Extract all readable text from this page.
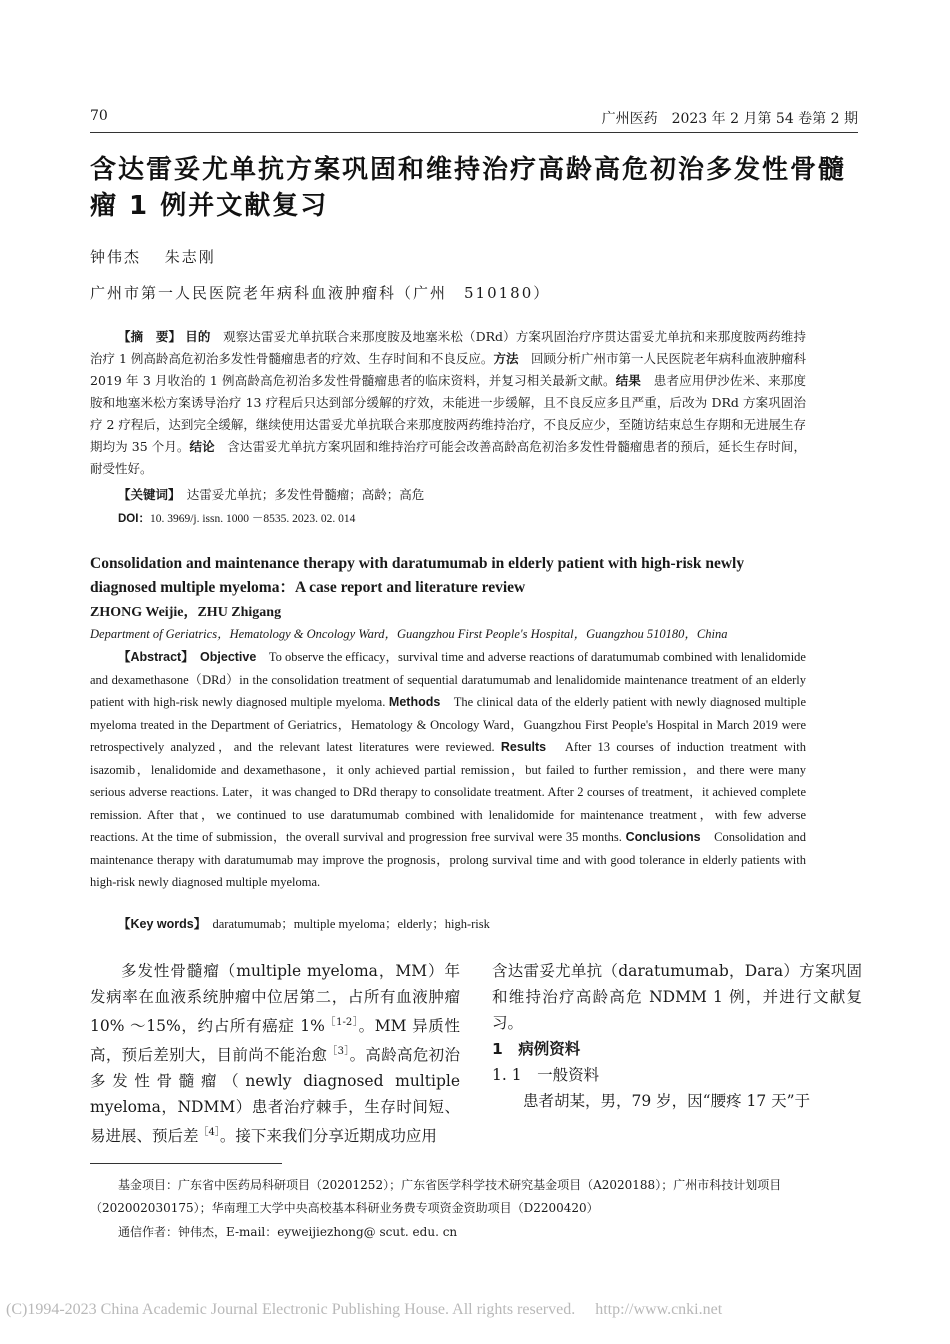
70	广州医药　2023 年 2 月第 54 卷第 2 期
含达雷妥尤单抗方案巩固和维持治疗高龄高危初治多发性骨髓瘤 1 例并文献复习
钟伟杰　 朱志刚
广州市第一人民医院老年病科血液肿瘤科（广州　510180）
【摘　要】 目的　 观察达雷妥尤单抗联合来那度胺及地塞米松（DRd）方案巩固治疗序贯达雷妥尤单抗和来那度胺两药维持治疗 1 例高龄高危初治多发性骨髓瘤患者的疗效、生存时间和不良反应。方法　 回顾分析广州市第一人民医院老年病科血液肿瘤科 2019 年 3 月收治的 1 例高龄高危初治多发性骨髓瘤患者的临床资料，并复习相关最新文献。结果　 患者应用伊沙佐米、来那度胺和地塞米松方案诱导治疗 13 疗程后只达到部分缓解的疗效，未能进一步缓解，且不良反应多且严重，后改为 DRd 方案巩固治疗 2 疗程后，达到完全缓解，继续使用达雷妥尤单抗联合来那度胺两药维持治疗，不良反应少，至随访结束总生存期和无进展生存期均为 35 个月。结论　 含达雷妥尤单抗方案巩固和维持治疗可能会改善高龄高危初治多发性骨髓瘤患者的预后，延长生存时间，耐受性好。
【关键词】　 达雷妥尤单抗；多发性骨髓瘤；高龄；高危
DOI：10. 3969/j. issn. 1000 －8535. 2023. 02. 014
Consolidation and maintenance therapy with daratumumab in elderly patient with high-risk newly diagnosed multiple myeloma：A case report and literature review
ZHONG Weijie，ZHU Zhigang
Department of Geriatrics，Hematology & Oncology Ward，Guangzhou First People's Hospital，Guangzhou 510180，China
【Abstract】　 Objective　 To observe the efficacy，survival time and adverse reactions of daratumumab combined with lenalidomide and dexamethasone（DRd）in the consolidation treatment of sequential daratumumab and lenalidomide maintenance treatment of an elderly patient with high-risk newly diagnosed multiple myeloma. Methods　 The clinical data of the elderly patient with newly diagnosed multiple myeloma treated in the Department of Geriatrics，Hematology & Oncology Ward，Guangzhou First People's Hospital in March 2019 were retrospectively analyzed，and the relevant latest literatures were reviewed. Results　 After 13 courses of induction treatment with isazomib，lenalidomide and dexamethasone，it only achieved partial remission，but failed to further remission，and there were many serious adverse reactions. Later，it was changed to DRd therapy to consolidate treatment. After 2 courses of treatment，it achieved complete remission. After that，we continued to use daratumumab combined with lenalidomide for maintenance treatment，with few adverse reactions. At the time of submission，the overall survival and progression free survival were 35 months. Conclusions　 Consolidation and maintenance therapy with daratumumab may improve the prognosis，prolong survival time and with good tolerance in elderly patients with high-risk newly diagnosed multiple myeloma.
【Key words】　 daratumumab；multiple myeloma；elderly；high-risk

多发性骨髓瘤（multiple myeloma，MM）年发病率在血液系统肿瘤中位居第二，占所有血液肿瘤 10% ～15%，约占所有癌症 1%$^{[1-2]}$。MM 异质性高，预后差别大，目前尚不能治愈$^{[3]}$。高龄高危初治多发性骨髓瘤（newly diagnosed multiple myeloma，NDMM）患者治疗棘手，生存时间短、易进展、预后差$^{[4]}$。接下来我们分享近期成功应用

含达雷妥尤单抗（daratumumab，Dara）方案巩固和维持治疗高龄高危 NDMM 1 例，并进行文献复习。

1　病例资料

1. 1　一般资料

患者胡某，男，79 岁，因“腰疼 17 天”于

基金项目：广东省中医药局科研项目（20201252）；广东省医学科学技术研究基金项目（A2020188）；广州市科技计划项目（202002030175）；华南理工大学中央高校基本科研业务费专项资金资助项目（D2200420）
通信作者：钟伟杰，E-mail：eyweijiezhong@ scut. edu. cn
(C)1994-2023 China Academic Journal Electronic Publishing House. All rights reserved.　 http://www.cnki.net
